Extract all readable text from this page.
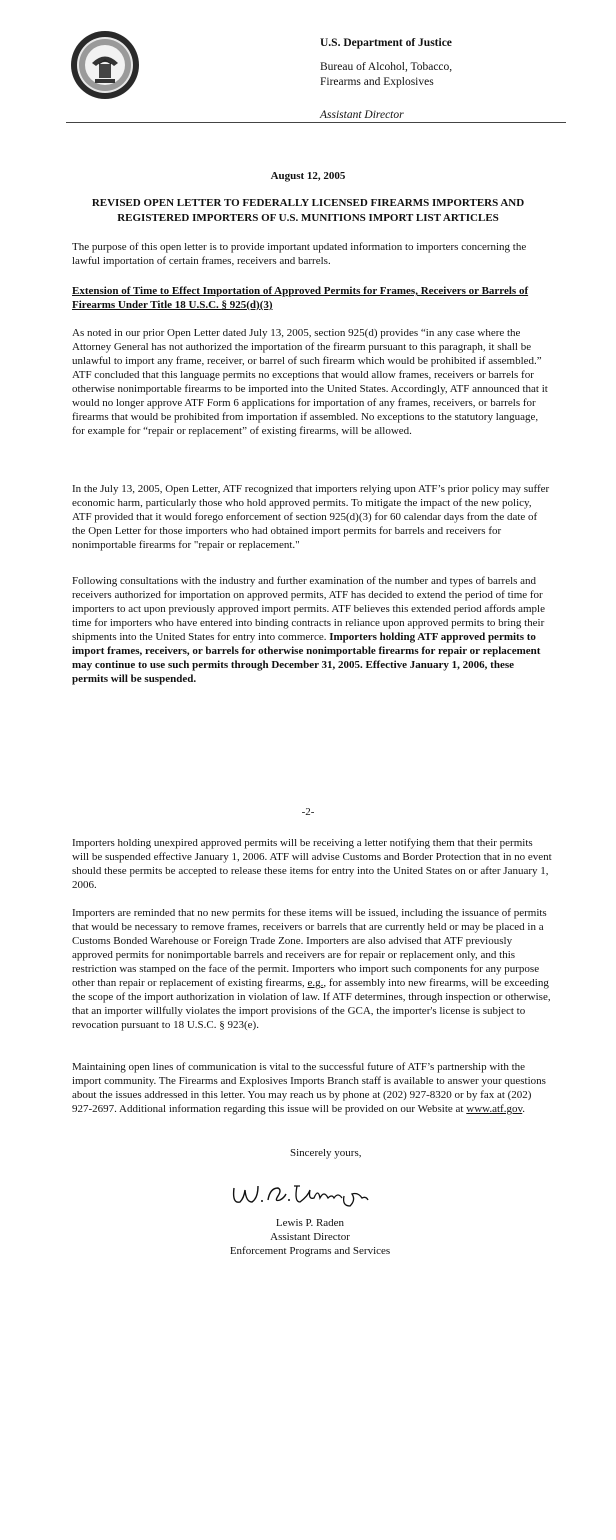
U.S. Department of Justice
Bureau of Alcohol, Tobacco,
Firearms and Explosives
Assistant Director
August 12, 2005
REVISED OPEN LETTER TO FEDERALLY LICENSED FIREARMS IMPORTERS AND REGISTERED IMPORTERS OF U.S. MUNITIONS IMPORT LIST ARTICLES
The purpose of this open letter is to provide important updated information to importers concerning the lawful importation of certain frames, receivers and barrels.
Extension of Time to Effect Importation of Approved Permits for Frames, Receivers or Barrels of Firearms Under Title 18 U.S.C. § 925(d)(3)
As noted in our prior Open Letter dated July 13, 2005, section 925(d) provides “in any case where the Attorney General has not authorized the importation of the firearm pursuant to this paragraph, it shall be unlawful to import any frame, receiver, or barrel of such firearm which would be prohibited if assembled.” ATF concluded that this language permits no exceptions that would allow frames, receivers or barrels for otherwise nonimportable firearms to be imported into the United States. Accordingly, ATF announced that it would no longer approve ATF Form 6 applications for importation of any frames, receivers, or barrels for firearms that would be prohibited from importation if assembled. No exceptions to the statutory language, for example for “repair or replacement” of existing firearms, will be allowed.
In the July 13, 2005, Open Letter, ATF recognized that importers relying upon ATF’s prior policy may suffer economic harm, particularly those who hold approved permits. To mitigate the impact of the new policy, ATF provided that it would forego enforcement of section 925(d)(3) for 60 calendar days from the date of the Open Letter for those importers who had obtained import permits for barrels and receivers for nonimportable firearms for "repair or replacement."
Following consultations with the industry and further examination of the number and types of barrels and receivers authorized for importation on approved permits, ATF has decided to extend the period of time for importers to act upon previously approved import permits. ATF believes this extended period affords ample time for importers who have entered into binding contracts in reliance upon approved permits to bring their shipments into the United States for entry into commerce. Importers holding ATF approved permits to import frames, receivers, or barrels for otherwise nonimportable firearms for repair or replacement may continue to use such permits through December 31, 2005. Effective January 1, 2006, these permits will be suspended.
-2-
Importers holding unexpired approved permits will be receiving a letter notifying them that their permits will be suspended effective January 1, 2006. ATF will advise Customs and Border Protection that in no event should these permits be accepted to release these items for entry into the United States on or after January 1, 2006.
Importers are reminded that no new permits for these items will be issued, including the issuance of permits that would be necessary to remove frames, receivers or barrels that are currently held or may be placed in a Customs Bonded Warehouse or Foreign Trade Zone. Importers are also advised that ATF previously approved permits for nonimportable barrels and receivers are for repair or replacement only, and this restriction was stamped on the face of the permit. Importers who import such components for any purpose other than repair or replacement of existing firearms, e.g., for assembly into new firearms, will be exceeding the scope of the import authorization in violation of law. If ATF determines, through inspection or otherwise, that an importer willfully violates the import provisions of the GCA, the importer's license is subject to revocation pursuant to 18 U.S.C. § 923(e).
Maintaining open lines of communication is vital to the successful future of ATF’s partnership with the import community. The Firearms and Explosives Imports Branch staff is available to answer your questions about the issues addressed in this letter. You may reach us by phone at (202) 927-8320 or by fax at (202) 927-2697. Additional information regarding this issue will be provided on our Website at www.atf.gov.
Sincerely yours,
Lewis P. Raden
Assistant Director
Enforcement Programs and Services
